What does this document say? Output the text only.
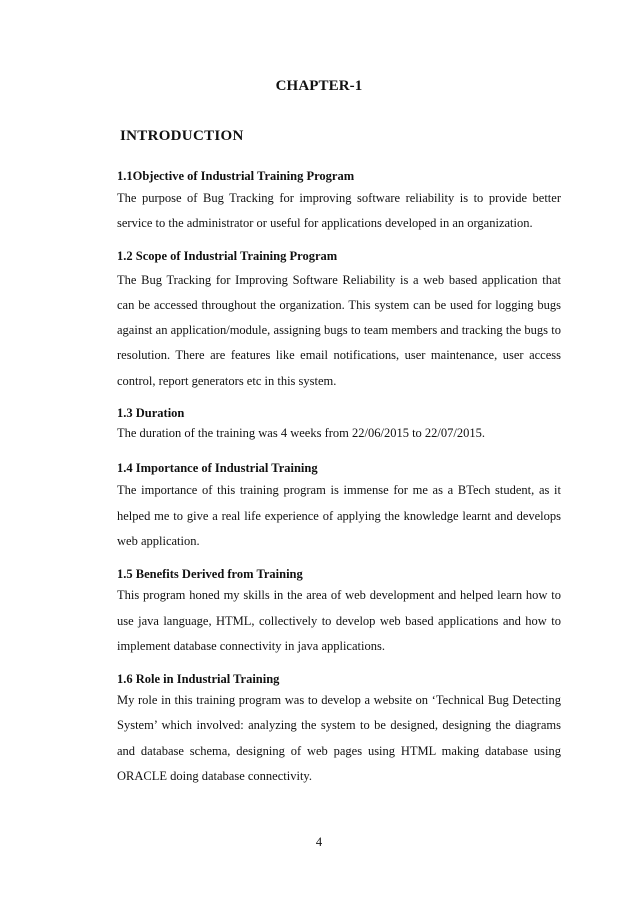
CHAPTER-1
INTRODUCTION

1.1Objective of Industrial Training Program

The purpose of Bug Tracking for improving software reliability is to provide better service to the administrator or useful for applications developed in an organization.

1.2 Scope of Industrial Training Program

The Bug Tracking for Improving Software Reliability is a web based application that can be accessed throughout the organization. This system can be used for logging bugs against an application/module, assigning bugs to team members and tracking the bugs to resolution. There are features like email notifications, user maintenance, user access control, report generators etc in this system.

1.3 Duration

The duration of the training was 4 weeks from 22/06/2015 to 22/07/2015.

1.4 Importance of Industrial Training

The importance of this training program is immense for me as a BTech student, as it helped me to give a real life experience of applying the knowledge learnt and develops web application.

1.5 Benefits Derived from Training

This program honed my skills in the area of web development and helped learn how to use java language, HTML, collectively to develop web based applications and how to implement database connectivity in java applications.

1.6 Role in Industrial Training

My role in this training program was to develop a website on ‘Technical Bug Detecting System’ which involved: analyzing the system to be designed, designing the diagrams and database schema, designing of web pages using HTML making database using ORACLE doing database connectivity.

4
